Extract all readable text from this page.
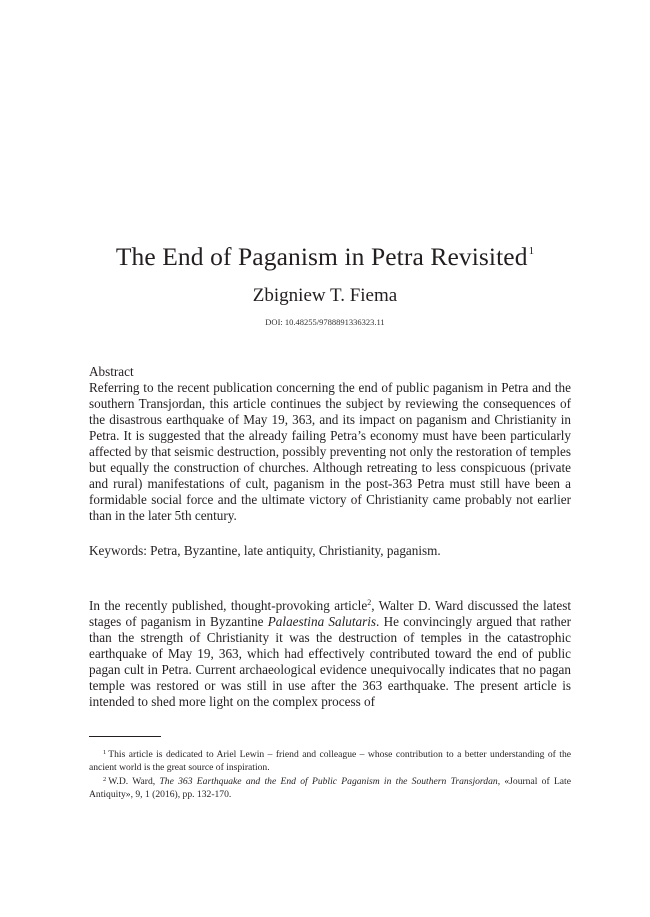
The End of Paganism in Petra Revisited$^1$
Zbigniew T. Fiema
DOI: 10.48255/9788891336323.11
Abstract
Referring to the recent publication concerning the end of public paganism in Petra and the southern Transjordan, this article continues the subject by reviewing the consequences of the disastrous earthquake of May 19, 363, and its impact on paganism and Christianity in Petra. It is suggested that the already failing Petra’s economy must have been particularly affected by that seismic destruction, possibly preventing not only the restoration of temples but equally the construction of churches. Although retreating to less conspicuous (private and rural) manifestations of cult, paganism in the post-363 Petra must still have been a formidable social force and the ultimate victory of Christianity came probably not earlier than in the later 5th century.
Keywords: Petra, Byzantine, late antiquity, Christianity, paganism.
In the recently published, thought-provoking article$^2$, Walter D. Ward discussed the latest stages of paganism in Byzantine Palaestina Salutaris. He convincingly argued that rather than the strength of Christianity it was the destruction of temples in the catastrophic earthquake of May 19, 363, which had effectively contributed toward the end of public pagan cult in Petra. Current archaeological evidence unequivocally indicates that no pagan temple was restored or was still in use after the 363 earthquake. The present article is intended to shed more light on the complex process of

$^1$ This article is dedicated to Ariel Lewin – friend and colleague – whose contribution to a better understanding of the ancient world is the great source of inspiration.

$^2$ W.D. Ward, The 363 Earthquake and the End of Public Paganism in the Southern Transjordan, «Journal of Late Antiquity», 9, 1 (2016), pp. 132-170.
